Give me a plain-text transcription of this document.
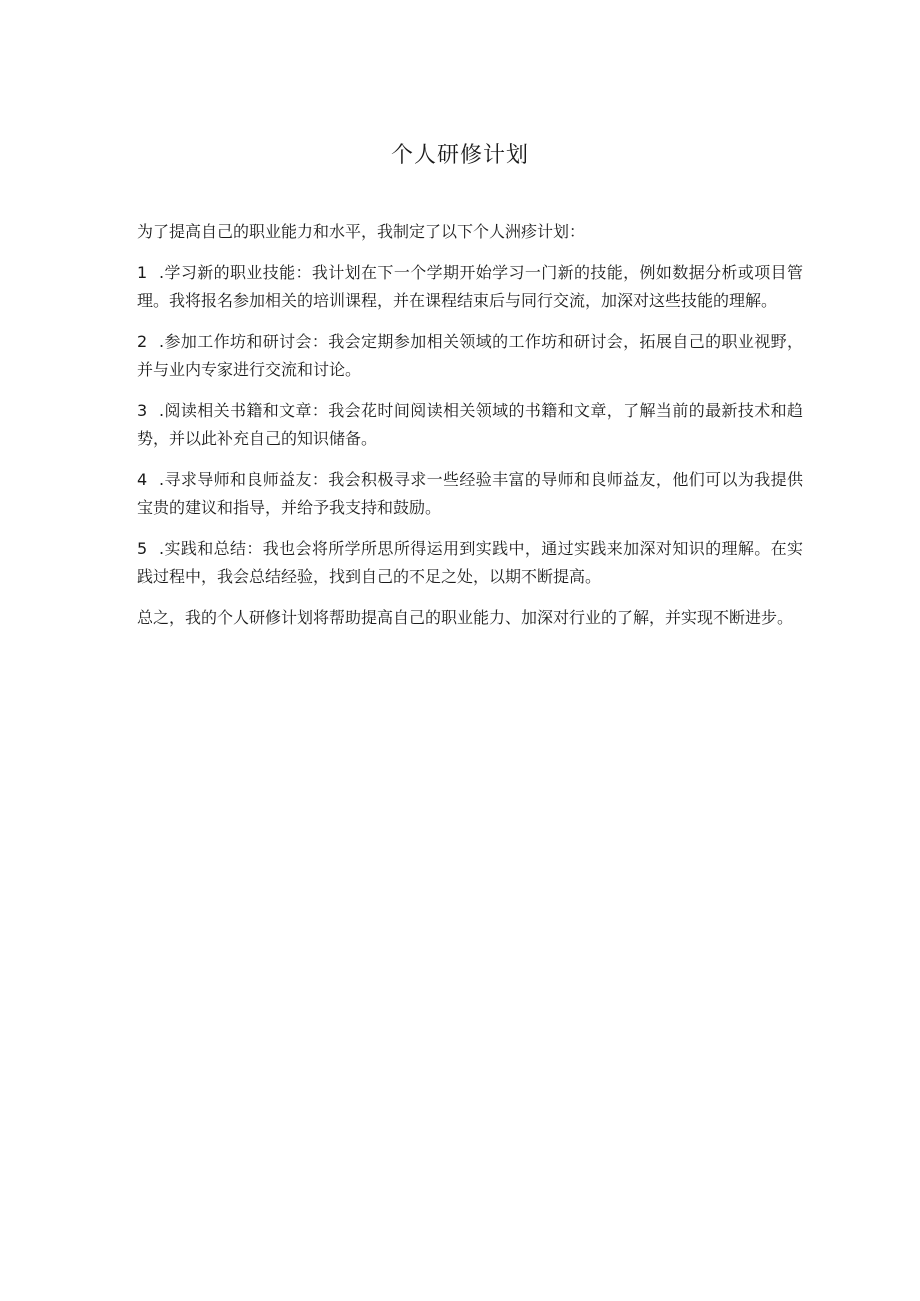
个人研修计划

为了提高自己的职业能力和水平，我制定了以下个人洲疹计划：

1 .学习新的职业技能：我计划在下一个学期开始学习一门新的技能，例如数据分析或项目管理。我将报名参加相关的培训课程，并在课程结束后与同行交流，加深对这些技能的理解。

2 .参加工作坊和研讨会：我会定期参加相关领域的工作坊和研讨会，拓展自己的职业视野，并与业内专家进行交流和讨论。

3 .阅读相关书籍和文章：我会花时间阅读相关领域的书籍和文章，了解当前的最新技术和趋势，并以此补充自己的知识储备。

4 .寻求导师和良师益友：我会积极寻求一些经验丰富的导师和良师益友，他们可以为我提供宝贵的建议和指导，并给予我支持和鼓励。

5 .实践和总结：我也会将所学所思所得运用到实践中，通过实践来加深对知识的理解。在实践过程中，我会总结经验，找到自己的不足之处，以期不断提高。

总之，我的个人研修计划将帮助提高自己的职业能力、加深对行业的了解，并实现不断进步。
